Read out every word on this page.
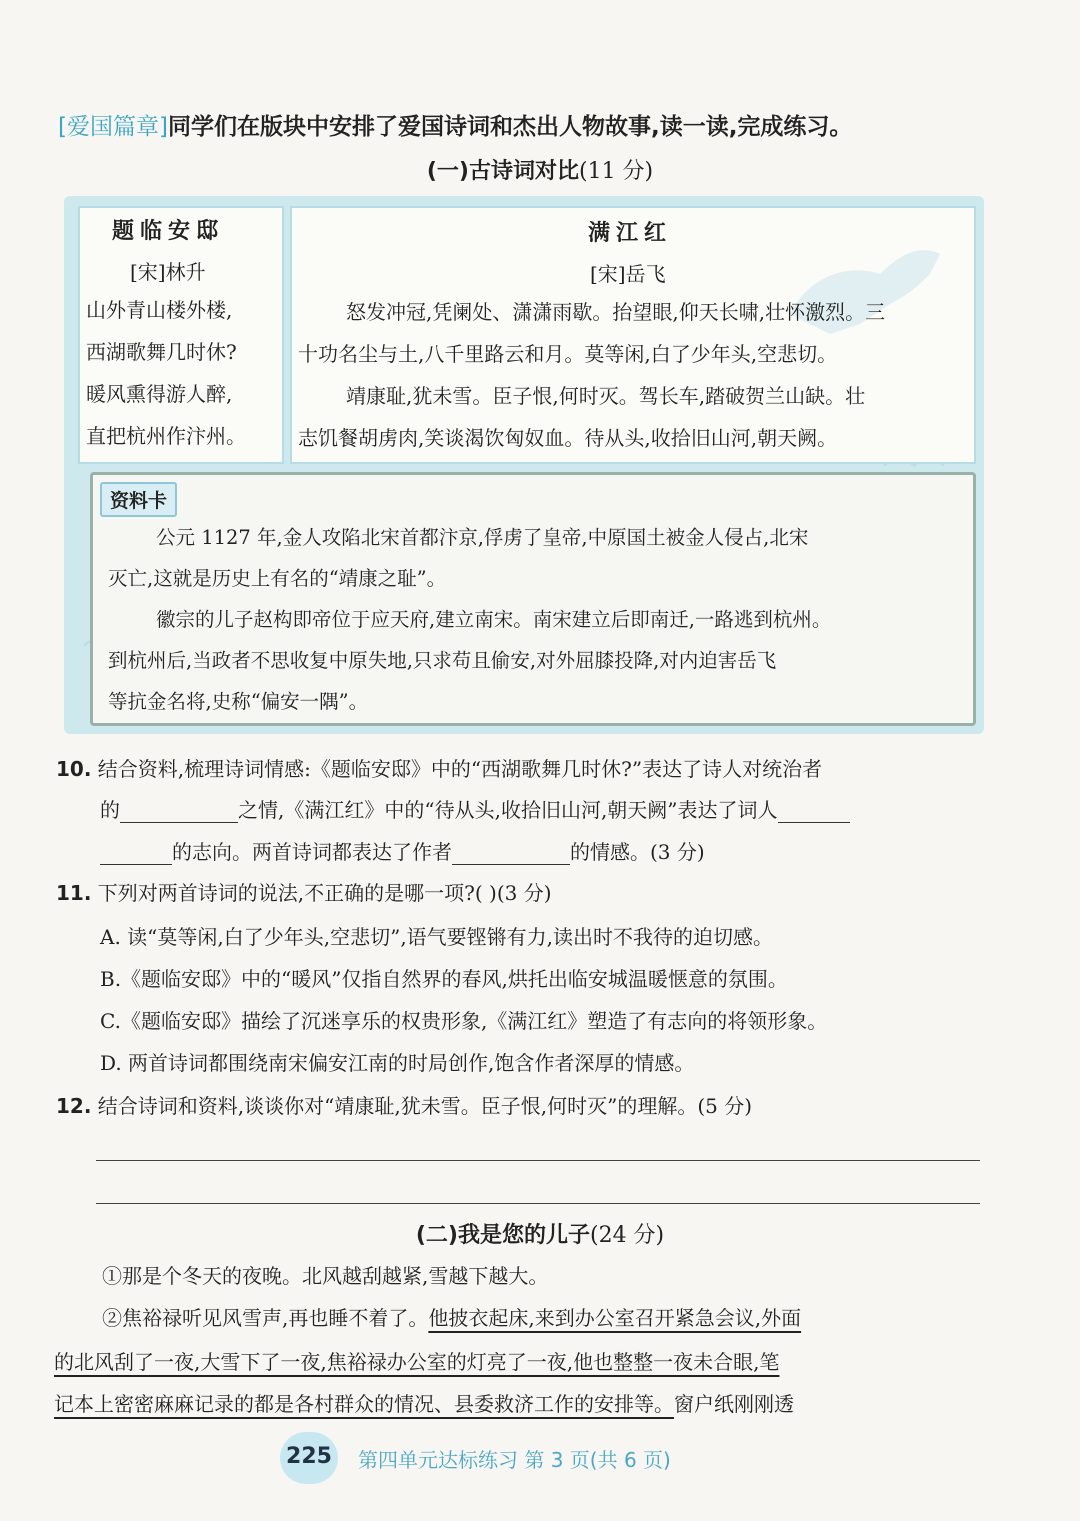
[爱国篇章]同学们在版块中安排了爱国诗词和杰出人物故事,读一读,完成练习。
(一)古诗词对比(11 分)
题临安邸
[宋]林升
山外青山楼外楼,
西湖歌舞几时休?
暖风熏得游人醉,
直把杭州作汴州。
满江红
[宋]岳飞
怒发冲冠,凭阑处、潇潇雨歇。抬望眼,仰天长啸,壮怀激烈。三
十功名尘与土,八千里路云和月。莫等闲,白了少年头,空悲切。
靖康耻,犹未雪。臣子恨,何时灭。驾长车,踏破贺兰山缺。壮
志饥餐胡虏肉,笑谈渴饮匈奴血。待从头,收拾旧山河,朝天阙。
资料卡
公元 1127 年,金人攻陷北宋首都汴京,俘虏了皇帝,中原国土被金人侵占,北宋
灭亡,这就是历史上有名的“靖康之耻”。
徽宗的儿子赵构即帝位于应天府,建立南宋。南宋建立后即南迁,一路逃到杭州。
到杭州后,当政者不思收复中原失地,只求苟且偷安,对外屈膝投降,对内迫害岳飞
等抗金名将,史称“偏安一隅”。
10. 结合资料,梳理诗词情感:《题临安邸》中的“西湖歌舞几时休?”表达了诗人对统治者
的	之情,《满江红》中的“待从头,收拾旧山河,朝天阙”表达了词人
的志向。两首诗词都表达了作者	的情感。(3 分)
11. 下列对两首诗词的说法,不正确的是哪一项?( )(3 分)
A. 读“莫等闲,白了少年头,空悲切”,语气要铿锵有力,读出时不我待的迫切感。
B.《题临安邸》中的“暖风”仅指自然界的春风,烘托出临安城温暖惬意的氛围。
C.《题临安邸》描绘了沉迷享乐的权贵形象,《满江红》塑造了有志向的将领形象。
D. 两首诗词都围绕南宋偏安江南的时局创作,饱含作者深厚的情感。
12. 结合诗词和资料,谈谈你对“靖康耻,犹未雪。臣子恨,何时灭”的理解。(5 分)
(二)我是您的儿子(24 分)
①那是个冬天的夜晚。北风越刮越紧,雪越下越大。
②焦裕禄听见风雪声,再也睡不着了。他披衣起床,来到办公室召开紧急会议,外面
的北风刮了一夜,大雪下了一夜,焦裕禄办公室的灯亮了一夜,他也整整一夜未合眼,笔
记本上密密麻麻记录的都是各村群众的情况、县委救济工作的安排等。窗户纸刚刚透
225	第四单元达标练习 第 3 页(共 6 页)
